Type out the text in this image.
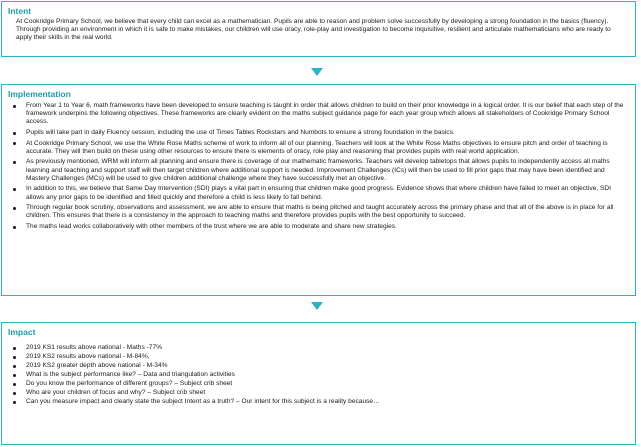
Intent
At Cookridge Primary School, we believe that every child can excel as a mathematician. Pupils are able to reason and problem solve successfully by developing a strong foundation in the basics (fluency). Through providing an environment in which it is safe to make mistakes, our children will use oracy, role-play and investigation to become inquisitive, resilient and articulate mathematicians who are ready to apply their skills in the real world.
Implementation
From Year 1 to Year 6, math frameworks have been developed to ensure teaching is taught in order that allows children to build on their prior knowledge in a logical order. It is our belief that each step of the framework underpins the following objectives. These frameworks are clearly evident on the maths subject guidance page for each year group which allows all stakeholders of Cookridge Primary School access.
Pupils will take part in daily Fluency session, including the use of Times Tables Rockstars and Numbots to ensure a strong foundation in the basics.
At Cookridge Primary School, we use the White Rose Maths scheme of work to inform all of our planning. Teachers will look at the White Rose Maths objectives to ensure pitch and order of teaching is accurate. They will then build on these using other resources to ensure there is elements of oracy, role play and reasoning that provides pupils with real world application.
As previously mentioned, WRM will inform all planning and ensure there is coverage of our mathematic frameworks. Teachers will develop tabletops that allows pupils to independently access all maths learning and teaching and support staff will then target children where additional support is needed. Improvement Challenges (ICs) will then be used to fill prior gaps that may have been identified and Mastery Challenges (MCs) will be used to give children additional challenge where they have successfully met an objective.
In addition to this, we believe that Same Day Intervention (SDI) plays a vital part in ensuring that children make good progress. Evidence shows that where children have failed to meet an objective, SDI allows any prior gaps to be identified and filled quickly and therefore a child is less likely to fall behind.
Through regular book scrutiny, observations and assessment, we are able to ensure that maths is being pitched and taught accurately across the primary phase and that all of the above is in place for all children. This ensures that there is a consistency in the approach to teaching maths and therefore provides pupils with the best opportunity to succeed.
The maths lead works collaboratively with other members of the trust where we are able to moderate and share new strategies.
Impact
2019 KS1 results above national - Maths -77%
2019 KS2 results above national - M-84%,
2019 KS2 greater depth above national - M-34%
What is the subject performance like? – Data and triangulation activities
Do you know the performance of different groups? – Subject crib sheet
Who are your children of focus and why? – Subject crib sheet
Can you measure impact and clearly state the subject Intent as a truth? – Our intent for this subject is a reality because…
